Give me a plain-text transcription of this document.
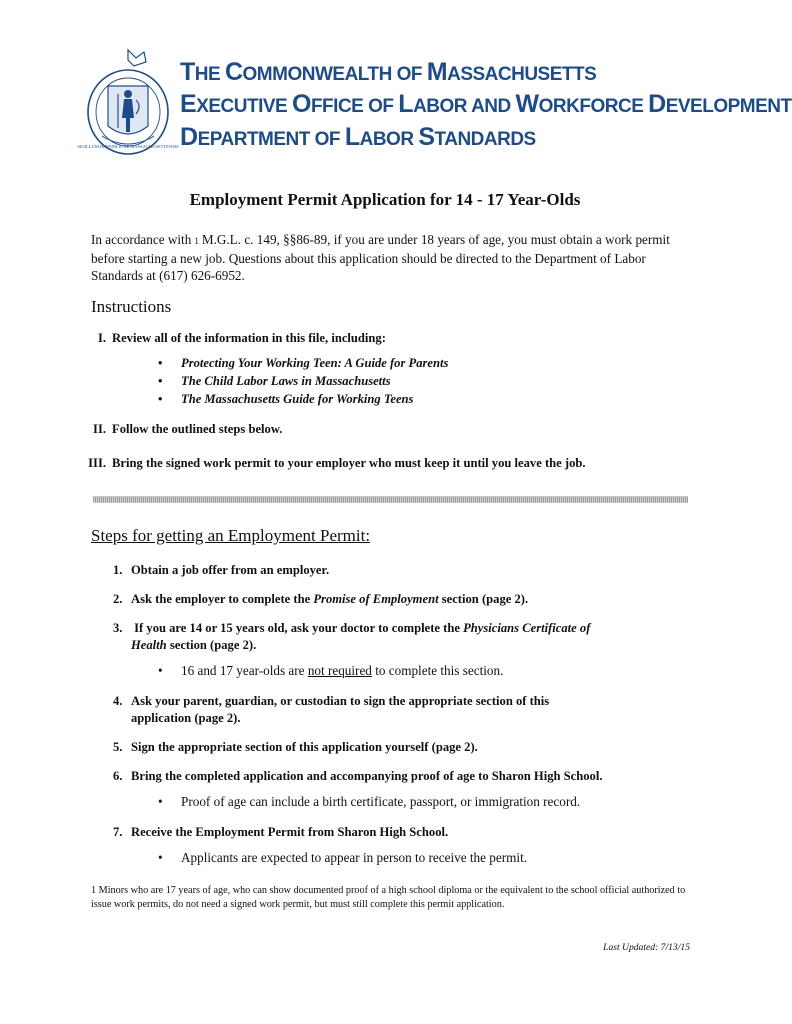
SIGILLUM REIPUBLICAE MASSACHUSETTENSIS
THE COMMONWEALTH OF MASSACHUSETTS
EXECUTIVE OFFICE OF LABOR AND WORKFORCE DEVELOPMENT
DEPARTMENT OF LABOR STANDARDS
Employment Permit Application for 14 - 17 Year-Olds
In accordance with 1 M.G.L. c. 149, §§86-89, if you are under 18 years of age, you must obtain a work permit before starting a new job. Questions about this application should be directed to the Department of Labor Standards at (617) 626-6952.
Instructions
I. Review all of the information in this file, including:
• Protecting Your Working Teen: A Guide for Parents
• The Child Labor Laws in Massachusetts
• The Massachusetts Guide for Working Teens
II. Follow the outlined steps below.
III. Bring the signed work permit to your employer who must keep it until you leave the job.
Steps for getting an Employment Permit:
1. Obtain a job offer from an employer.
2. Ask the employer to complete the Promise of Employment section (page 2).
3. If you are 14 or 15 years old, ask your doctor to complete the Physicians Certificate of
Health section (page 2).
• 16 and 17 year-olds are not required to complete this section.
4. Ask your parent, guardian, or custodian to sign the appropriate section of this
application (page 2).
5. Sign the appropriate section of this application yourself (page 2).
6. Bring the completed application and accompanying proof of age to Sharon High School.
• Proof of age can include a birth certificate, passport, or immigration record.
7. Receive the Employment Permit from Sharon High School.
• Applicants are expected to appear in person to receive the permit.
1 Minors who are 17 years of age, who can show documented proof of a high school diploma or the equivalent to the school official authorized to issue work permits, do not need a signed work permit, but must still complete this permit application.
Last Updated: 7/13/15
